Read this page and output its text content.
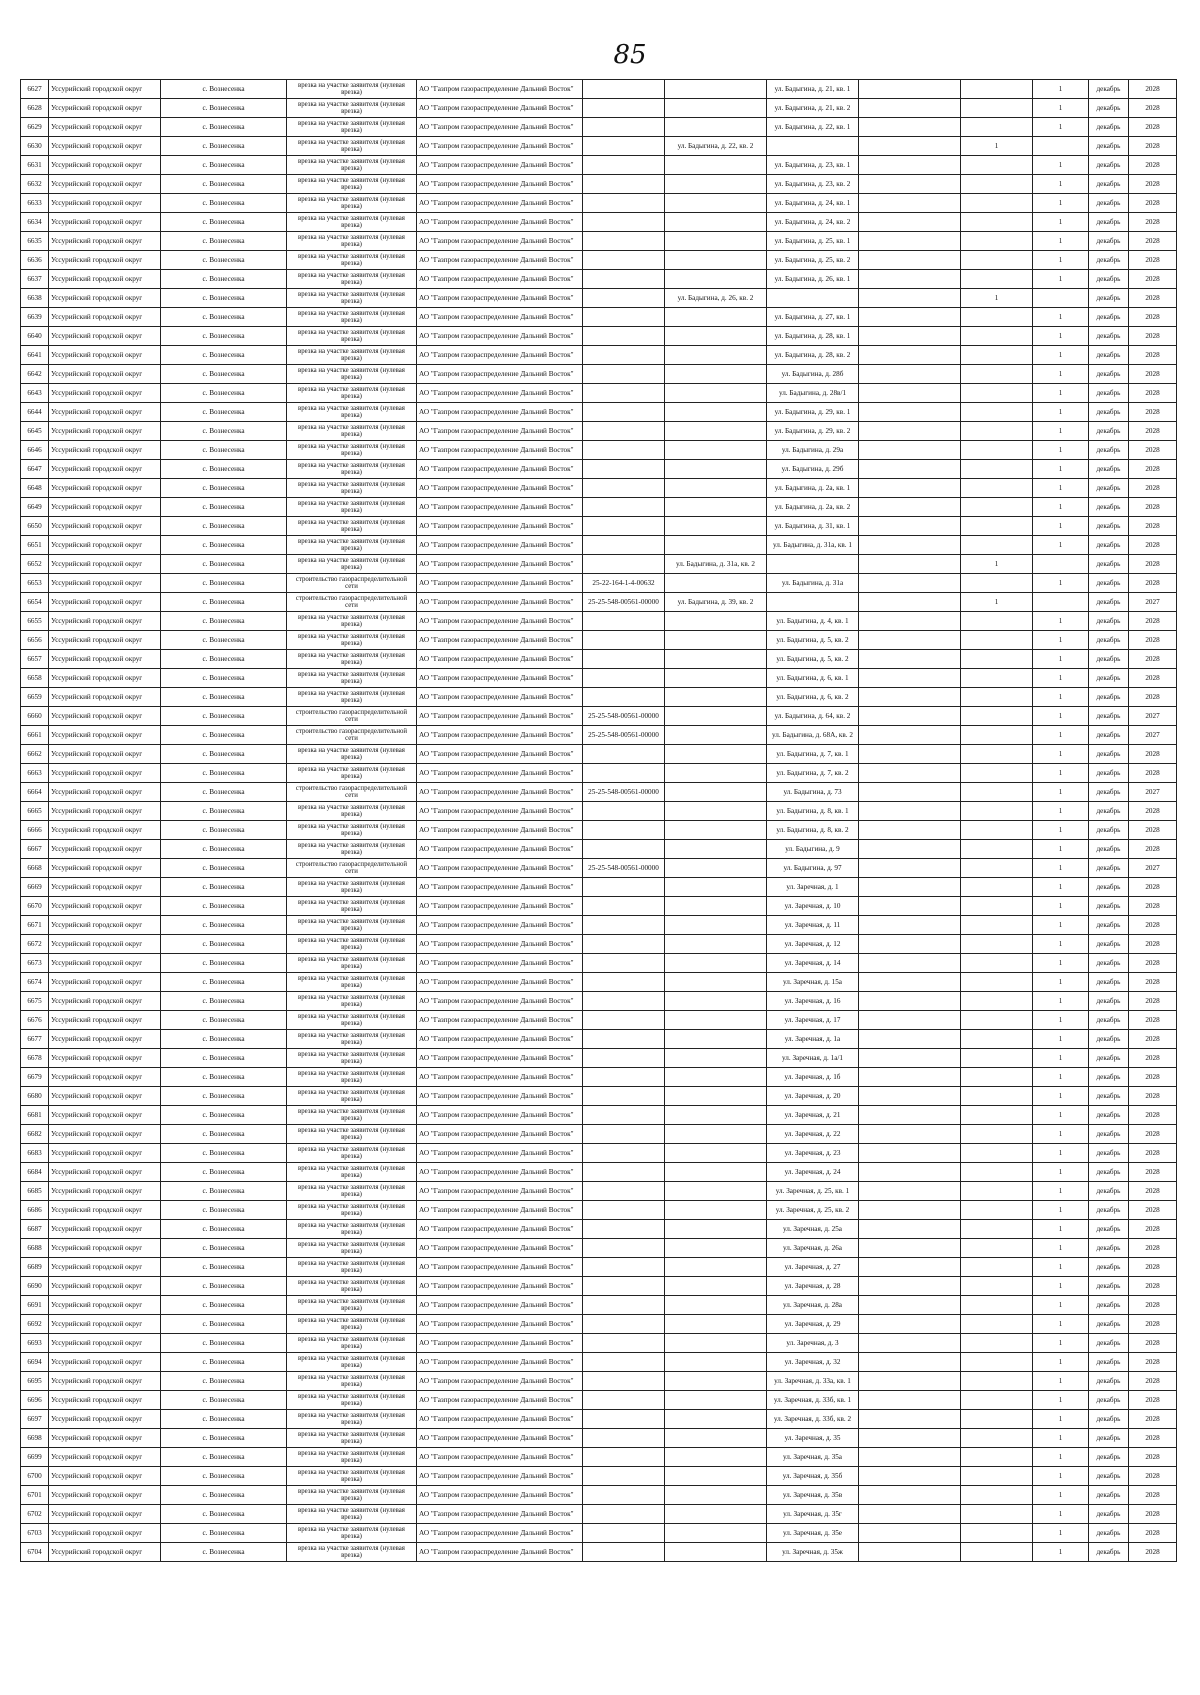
85
6627	Уссурийский городской округ	с. Вознесенка	врезка на участке заявителя (нулевая врезка)	АО "Газпром газораспределение Дальний Восток"			ул. Бадыгина, д. 21, кв. 1			1	декабрь	2028
6628	Уссурийский городской округ	с. Вознесенка	врезка на участке заявителя (нулевая врезка)	АО "Газпром газораспределение Дальний Восток"			ул. Бадыгина, д. 21, кв. 2			1	декабрь	2028
6629	Уссурийский городской округ	с. Вознесенка	врезка на участке заявителя (нулевая врезка)	АО "Газпром газораспределение Дальний Восток"			ул. Бадыгина, д. 22, кв. 1			1	декабрь	2028
6630	Уссурийский городской округ	с. Вознесенка	врезка на участке заявителя (нулевая врезка)	АО "Газпром газораспределение Дальний Восток"		ул. Бадыгина, д. 22, кв. 2			1		декабрь	2028
6631	Уссурийский городской округ	с. Вознесенка	врезка на участке заявителя (нулевая врезка)	АО "Газпром газораспределение Дальний Восток"			ул. Бадыгина, д. 23, кв. 1			1	декабрь	2028
6632	Уссурийский городской округ	с. Вознесенка	врезка на участке заявителя (нулевая врезка)	АО "Газпром газораспределение Дальний Восток"			ул. Бадыгина, д. 23, кв. 2			1	декабрь	2028
6633	Уссурийский городской округ	с. Вознесенка	врезка на участке заявителя (нулевая врезка)	АО "Газпром газораспределение Дальний Восток"			ул. Бадыгина, д. 24, кв. 1			1	декабрь	2028
6634	Уссурийский городской округ	с. Вознесенка	врезка на участке заявителя (нулевая врезка)	АО "Газпром газораспределение Дальний Восток"			ул. Бадыгина, д. 24, кв. 2			1	декабрь	2028
6635	Уссурийский городской округ	с. Вознесенка	врезка на участке заявителя (нулевая врезка)	АО "Газпром газораспределение Дальний Восток"			ул. Бадыгина, д. 25, кв. 1			1	декабрь	2028
6636	Уссурийский городской округ	с. Вознесенка	врезка на участке заявителя (нулевая врезка)	АО "Газпром газораспределение Дальний Восток"			ул. Бадыгина, д. 25, кв. 2			1	декабрь	2028
6637	Уссурийский городской округ	с. Вознесенка	врезка на участке заявителя (нулевая врезка)	АО "Газпром газораспределение Дальний Восток"			ул. Бадыгина, д. 26, кв. 1			1	декабрь	2028
6638	Уссурийский городской округ	с. Вознесенка	врезка на участке заявителя (нулевая врезка)	АО "Газпром газораспределение Дальний Восток"		ул. Бадыгина, д. 26, кв. 2			1		декабрь	2028
6639	Уссурийский городской округ	с. Вознесенка	врезка на участке заявителя (нулевая врезка)	АО "Газпром газораспределение Дальний Восток"			ул. Бадыгина, д. 27, кв. 1			1	декабрь	2028
6640	Уссурийский городской округ	с. Вознесенка	врезка на участке заявителя (нулевая врезка)	АО "Газпром газораспределение Дальний Восток"			ул. Бадыгина, д. 28, кв. 1			1	декабрь	2028
6641	Уссурийский городской округ	с. Вознесенка	врезка на участке заявителя (нулевая врезка)	АО "Газпром газораспределение Дальний Восток"			ул. Бадыгина, д. 28, кв. 2			1	декабрь	2028
6642	Уссурийский городской округ	с. Вознесенка	врезка на участке заявителя (нулевая врезка)	АО "Газпром газораспределение Дальний Восток"			ул. Бадыгина, д. 28б			1	декабрь	2028
6643	Уссурийский городской округ	с. Вознесенка	врезка на участке заявителя (нулевая врезка)	АО "Газпром газораспределение Дальний Восток"			ул. Бадыгина, д. 28в/1			1	декабрь	2028
6644	Уссурийский городской округ	с. Вознесенка	врезка на участке заявителя (нулевая врезка)	АО "Газпром газораспределение Дальний Восток"			ул. Бадыгина, д. 29, кв. 1			1	декабрь	2028
6645	Уссурийский городской округ	с. Вознесенка	врезка на участке заявителя (нулевая врезка)	АО "Газпром газораспределение Дальний Восток"			ул. Бадыгина, д. 29, кв. 2			1	декабрь	2028
6646	Уссурийский городской округ	с. Вознесенка	врезка на участке заявителя (нулевая врезка)	АО "Газпром газораспределение Дальний Восток"			ул. Бадыгина, д. 29а			1	декабрь	2028
6647	Уссурийский городской округ	с. Вознесенка	врезка на участке заявителя (нулевая врезка)	АО "Газпром газораспределение Дальний Восток"			ул. Бадыгина, д. 29б			1	декабрь	2028
6648	Уссурийский городской округ	с. Вознесенка	врезка на участке заявителя (нулевая врезка)	АО "Газпром газораспределение Дальний Восток"			ул. Бадыгина, д. 2а, кв. 1			1	декабрь	2028
6649	Уссурийский городской округ	с. Вознесенка	врезка на участке заявителя (нулевая врезка)	АО "Газпром газораспределение Дальний Восток"			ул. Бадыгина, д. 2а, кв. 2			1	декабрь	2028
6650	Уссурийский городской округ	с. Вознесенка	врезка на участке заявителя (нулевая врезка)	АО "Газпром газораспределение Дальний Восток"			ул. Бадыгина, д. 31, кв. 1			1	декабрь	2028
6651	Уссурийский городской округ	с. Вознесенка	врезка на участке заявителя (нулевая врезка)	АО "Газпром газораспределение Дальний Восток"			ул. Бадыгина, д. 31а, кв. 1			1	декабрь	2028
6652	Уссурийский городской округ	с. Вознесенка	врезка на участке заявителя (нулевая врезка)	АО "Газпром газораспределение Дальний Восток"		ул. Бадыгина, д. 31а, кв. 2			1		декабрь	2028
6653	Уссурийский городской округ	с. Вознесенка	строительство газораспределительной сети	АО "Газпром газораспределение Дальний Восток"	25-22-164-1-4-00632		ул. Бадыгина, д. 31а			1	декабрь	2028
6654	Уссурийский городской округ	с. Вознесенка	строительство газораспределительной сети	АО "Газпром газораспределение Дальний Восток"	25-25-548-00561-00000	ул. Бадыгина, д. 39, кв. 2			1		декабрь	2027
6655	Уссурийский городской округ	с. Вознесенка	врезка на участке заявителя (нулевая врезка)	АО "Газпром газораспределение Дальний Восток"			ул. Бадыгина, д. 4, кв. 1			1	декабрь	2028
6656	Уссурийский городской округ	с. Вознесенка	врезка на участке заявителя (нулевая врезка)	АО "Газпром газораспределение Дальний Восток"			ул. Бадыгина, д. 5, кв. 2			1	декабрь	2028
6657	Уссурийский городской округ	с. Вознесенка	врезка на участке заявителя (нулевая врезка)	АО "Газпром газораспределение Дальний Восток"			ул. Бадыгина, д. 5, кв. 2			1	декабрь	2028
6658	Уссурийский городской округ	с. Вознесенка	врезка на участке заявителя (нулевая врезка)	АО "Газпром газораспределение Дальний Восток"			ул. Бадыгина, д. 6, кв. 1			1	декабрь	2028
6659	Уссурийский городской округ	с. Вознесенка	врезка на участке заявителя (нулевая врезка)	АО "Газпром газораспределение Дальний Восток"			ул. Бадыгина, д. 6, кв. 2			1	декабрь	2028
6660	Уссурийский городской округ	с. Вознесенка	строительство газораспределительной сети	АО "Газпром газораспределение Дальний Восток"	25-25-548-00561-00000		ул. Бадыгина, д. 64, кв. 2			1	декабрь	2027
6661	Уссурийский городской округ	с. Вознесенка	строительство газораспределительной сети	АО "Газпром газораспределение Дальний Восток"	25-25-548-00561-00000		ул. Бадыгина, д. 68А, кв. 2			1	декабрь	2027
6662	Уссурийский городской округ	с. Вознесенка	врезка на участке заявителя (нулевая врезка)	АО "Газпром газораспределение Дальний Восток"			ул. Бадыгина, д. 7, кв. 1			1	декабрь	2028
6663	Уссурийский городской округ	с. Вознесенка	врезка на участке заявителя (нулевая врезка)	АО "Газпром газораспределение Дальний Восток"			ул. Бадыгина, д. 7, кв. 2			1	декабрь	2028
6664	Уссурийский городской округ	с. Вознесенка	строительство газораспределительной сети	АО "Газпром газораспределение Дальний Восток"	25-25-548-00561-00000		ул. Бадыгина, д. 73			1	декабрь	2027
6665	Уссурийский городской округ	с. Вознесенка	врезка на участке заявителя (нулевая врезка)	АО "Газпром газораспределение Дальний Восток"			ул. Бадыгина, д. 8, кв. 1			1	декабрь	2028
6666	Уссурийский городской округ	с. Вознесенка	врезка на участке заявителя (нулевая врезка)	АО "Газпром газораспределение Дальний Восток"			ул. Бадыгина, д. 8, кв. 2			1	декабрь	2028
6667	Уссурийский городской округ	с. Вознесенка	врезка на участке заявителя (нулевая врезка)	АО "Газпром газораспределение Дальний Восток"			ул. Бадыгина, д. 9			1	декабрь	2028
6668	Уссурийский городской округ	с. Вознесенка	строительство газораспределительной сети	АО "Газпром газораспределение Дальний Восток"	25-25-548-00561-00000		ул. Бадыгина, д. 97			1	декабрь	2027
6669	Уссурийский городской округ	с. Вознесенка	врезка на участке заявителя (нулевая врезка)	АО "Газпром газораспределение Дальний Восток"			ул. Заречная, д. 1			1	декабрь	2028
6670	Уссурийский городской округ	с. Вознесенка	врезка на участке заявителя (нулевая врезка)	АО "Газпром газораспределение Дальний Восток"			ул. Заречная, д. 10			1	декабрь	2028
6671	Уссурийский городской округ	с. Вознесенка	врезка на участке заявителя (нулевая врезка)	АО "Газпром газораспределение Дальний Восток"			ул. Заречная, д. 11			1	декабрь	2028
6672	Уссурийский городской округ	с. Вознесенка	врезка на участке заявителя (нулевая врезка)	АО "Газпром газораспределение Дальний Восток"			ул. Заречная, д. 12			1	декабрь	2028
6673	Уссурийский городской округ	с. Вознесенка	врезка на участке заявителя (нулевая врезка)	АО "Газпром газораспределение Дальний Восток"			ул. Заречная, д. 14			1	декабрь	2028
6674	Уссурийский городской округ	с. Вознесенка	врезка на участке заявителя (нулевая врезка)	АО "Газпром газораспределение Дальний Восток"			ул. Заречная, д. 15а			1	декабрь	2028
6675	Уссурийский городской округ	с. Вознесенка	врезка на участке заявителя (нулевая врезка)	АО "Газпром газораспределение Дальний Восток"			ул. Заречная, д. 16			1	декабрь	2028
6676	Уссурийский городской округ	с. Вознесенка	врезка на участке заявителя (нулевая врезка)	АО "Газпром газораспределение Дальний Восток"			ул. Заречная, д. 17			1	декабрь	2028
6677	Уссурийский городской округ	с. Вознесенка	врезка на участке заявителя (нулевая врезка)	АО "Газпром газораспределение Дальний Восток"			ул. Заречная, д. 1а			1	декабрь	2028
6678	Уссурийский городской округ	с. Вознесенка	врезка на участке заявителя (нулевая врезка)	АО "Газпром газораспределение Дальний Восток"			ул. Заречная, д. 1а/1			1	декабрь	2028
6679	Уссурийский городской округ	с. Вознесенка	врезка на участке заявителя (нулевая врезка)	АО "Газпром газораспределение Дальний Восток"			ул. Заречная, д. 1б			1	декабрь	2028
6680	Уссурийский городской округ	с. Вознесенка	врезка на участке заявителя (нулевая врезка)	АО "Газпром газораспределение Дальний Восток"			ул. Заречная, д. 20			1	декабрь	2028
6681	Уссурийский городской округ	с. Вознесенка	врезка на участке заявителя (нулевая врезка)	АО "Газпром газораспределение Дальний Восток"			ул. Заречная, д. 21			1	декабрь	2028
6682	Уссурийский городской округ	с. Вознесенка	врезка на участке заявителя (нулевая врезка)	АО "Газпром газораспределение Дальний Восток"			ул. Заречная, д. 22			1	декабрь	2028
6683	Уссурийский городской округ	с. Вознесенка	врезка на участке заявителя (нулевая врезка)	АО "Газпром газораспределение Дальний Восток"			ул. Заречная, д. 23			1	декабрь	2028
6684	Уссурийский городской округ	с. Вознесенка	врезка на участке заявителя (нулевая врезка)	АО "Газпром газораспределение Дальний Восток"			ул. Заречная, д. 24			1	декабрь	2028
6685	Уссурийский городской округ	с. Вознесенка	врезка на участке заявителя (нулевая врезка)	АО "Газпром газораспределение Дальний Восток"			ул. Заречная, д. 25, кв. 1			1	декабрь	2028
6686	Уссурийский городской округ	с. Вознесенка	врезка на участке заявителя (нулевая врезка)	АО "Газпром газораспределение Дальний Восток"			ул. Заречная, д. 25, кв. 2			1	декабрь	2028
6687	Уссурийский городской округ	с. Вознесенка	врезка на участке заявителя (нулевая врезка)	АО "Газпром газораспределение Дальний Восток"			ул. Заречная, д. 25а			1	декабрь	2028
6688	Уссурийский городской округ	с. Вознесенка	врезка на участке заявителя (нулевая врезка)	АО "Газпром газораспределение Дальний Восток"			ул. Заречная, д. 26а			1	декабрь	2028
6689	Уссурийский городской округ	с. Вознесенка	врезка на участке заявителя (нулевая врезка)	АО "Газпром газораспределение Дальний Восток"			ул. Заречная, д. 27			1	декабрь	2028
6690	Уссурийский городской округ	с. Вознесенка	врезка на участке заявителя (нулевая врезка)	АО "Газпром газораспределение Дальний Восток"			ул. Заречная, д. 28			1	декабрь	2028
6691	Уссурийский городской округ	с. Вознесенка	врезка на участке заявителя (нулевая врезка)	АО "Газпром газораспределение Дальний Восток"			ул. Заречная, д. 28а			1	декабрь	2028
6692	Уссурийский городской округ	с. Вознесенка	врезка на участке заявителя (нулевая врезка)	АО "Газпром газораспределение Дальний Восток"			ул. Заречная, д. 29			1	декабрь	2028
6693	Уссурийский городской округ	с. Вознесенка	врезка на участке заявителя (нулевая врезка)	АО "Газпром газораспределение Дальний Восток"			ул. Заречная, д. 3			1	декабрь	2028
6694	Уссурийский городской округ	с. Вознесенка	врезка на участке заявителя (нулевая врезка)	АО "Газпром газораспределение Дальний Восток"			ул. Заречная, д. 32			1	декабрь	2028
6695	Уссурийский городской округ	с. Вознесенка	врезка на участке заявителя (нулевая врезка)	АО "Газпром газораспределение Дальний Восток"			ул. Заречная, д. 33а, кв. 1			1	декабрь	2028
6696	Уссурийский городской округ	с. Вознесенка	врезка на участке заявителя (нулевая врезка)	АО "Газпром газораспределение Дальний Восток"			ул. Заречная, д. 33б, кв. 1			1	декабрь	2028
6697	Уссурийский городской округ	с. Вознесенка	врезка на участке заявителя (нулевая врезка)	АО "Газпром газораспределение Дальний Восток"			ул. Заречная, д. 33б, кв. 2			1	декабрь	2028
6698	Уссурийский городской округ	с. Вознесенка	врезка на участке заявителя (нулевая врезка)	АО "Газпром газораспределение Дальний Восток"			ул. Заречная, д. 35			1	декабрь	2028
6699	Уссурийский городской округ	с. Вознесенка	врезка на участке заявителя (нулевая врезка)	АО "Газпром газораспределение Дальний Восток"			ул. Заречная, д. 35а			1	декабрь	2028
6700	Уссурийский городской округ	с. Вознесенка	врезка на участке заявителя (нулевая врезка)	АО "Газпром газораспределение Дальний Восток"			ул. Заречная, д. 35б			1	декабрь	2028
6701	Уссурийский городской округ	с. Вознесенка	врезка на участке заявителя (нулевая врезка)	АО "Газпром газораспределение Дальний Восток"			ул. Заречная, д. 35в			1	декабрь	2028
6702	Уссурийский городской округ	с. Вознесенка	врезка на участке заявителя (нулевая врезка)	АО "Газпром газораспределение Дальний Восток"			ул. Заречная, д. 35г			1	декабрь	2028
6703	Уссурийский городской округ	с. Вознесенка	врезка на участке заявителя (нулевая врезка)	АО "Газпром газораспределение Дальний Восток"			ул. Заречная, д. 35е			1	декабрь	2028
6704	Уссурийский городской округ	с. Вознесенка	врезка на участке заявителя (нулевая врезка)	АО "Газпром газораспределение Дальний Восток"			ул. Заречная, д. 35ж			1	декабрь	2028
